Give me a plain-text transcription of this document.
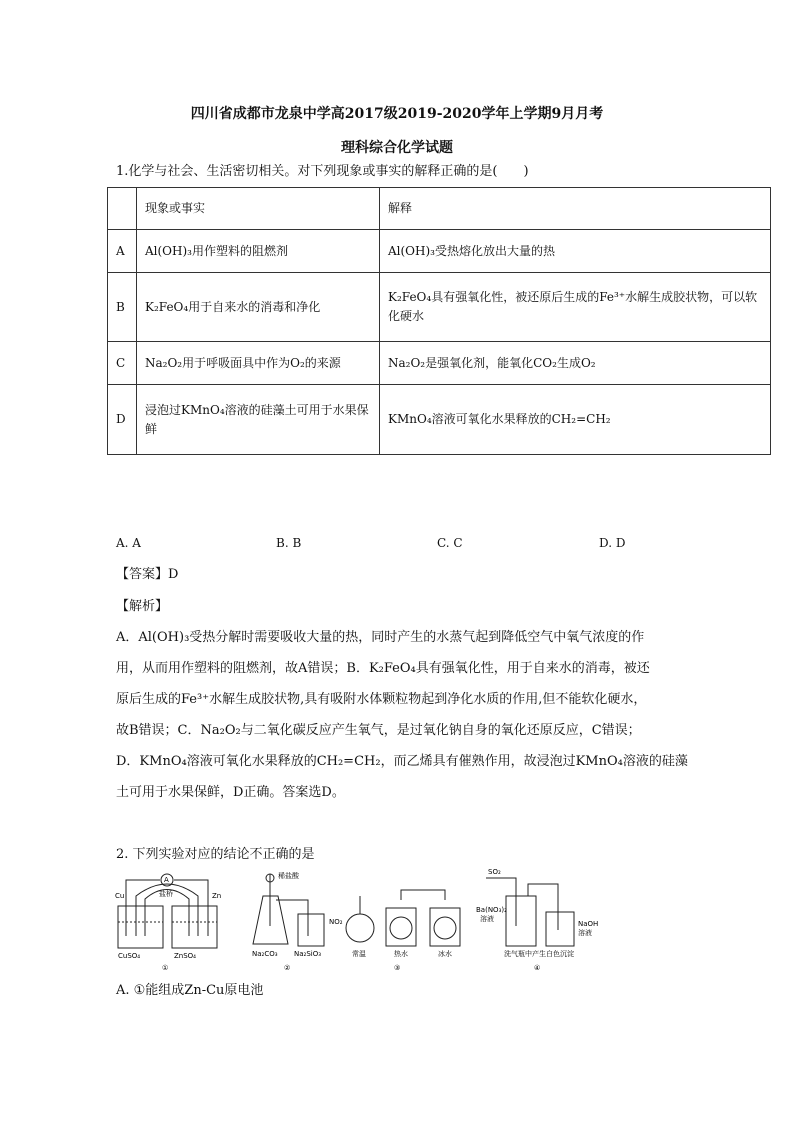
四川省成都市龙泉中学高2017级2019-2020学年上学期9月月考
理科综合化学试题
1.化学与社会、生活密切相关。对下列现象或事实的解释正确的是(　　)
	现象或事实	解释
A	Al(OH)₃用作塑料的阻燃剂	Al(OH)₃受热熔化放出大量的热
B	K₂FeO₄用于自来水的消毒和净化	K₂FeO₄具有强氧化性，被还原后生成的Fe³⁺水解生成胶状物，可以软化硬水
C	Na₂O₂用于呼吸面具中作为O₂的来源	Na₂O₂是强氧化剂，能氧化CO₂生成O₂
D	浸泡过KMnO₄溶液的硅藻土可用于水果保鲜	KMnO₄溶液可氧化水果释放的CH₂=CH₂
A. A	B. B	C. C	D. D
【答案】D
【解析】
A．Al(OH)₃受热分解时需要吸收大量的热，同时产生的水蒸气起到降低空气中氧气浓度的作
用，从而用作塑料的阻燃剂，故A错误；B．K₂FeO₄具有强氧化性，用于自来水的消毒，被还
原后生成的Fe³⁺水解生成胶状物,具有吸附水体颗粒物起到净化水质的作用,但不能软化硬水，
故B错误；C．Na₂O₂与二氧化碳反应产生氧气，是过氧化钠自身的氧化还原反应，C错误；
D．KMnO₄溶液可氧化水果释放的CH₂=CH₂，而乙烯具有催熟作用，故浸泡过KMnO₄溶液的硅藻
土可用于水果保鲜，D正确。答案选D。
2. 下列实验对应的结论不正确的是
A
盐桥
Cu	Zn
CuSO₄	ZnSO₄
①
稀盐酸
Na₂CO₃ Na₂SiO₃
②
NO₂
常温	热水	冰水
③
SO₂
Ba(NO₃)₂
溶液
NaOH
溶液
洗气瓶中产生白色沉淀
④
A. ①能组成Zn-Cu原电池
